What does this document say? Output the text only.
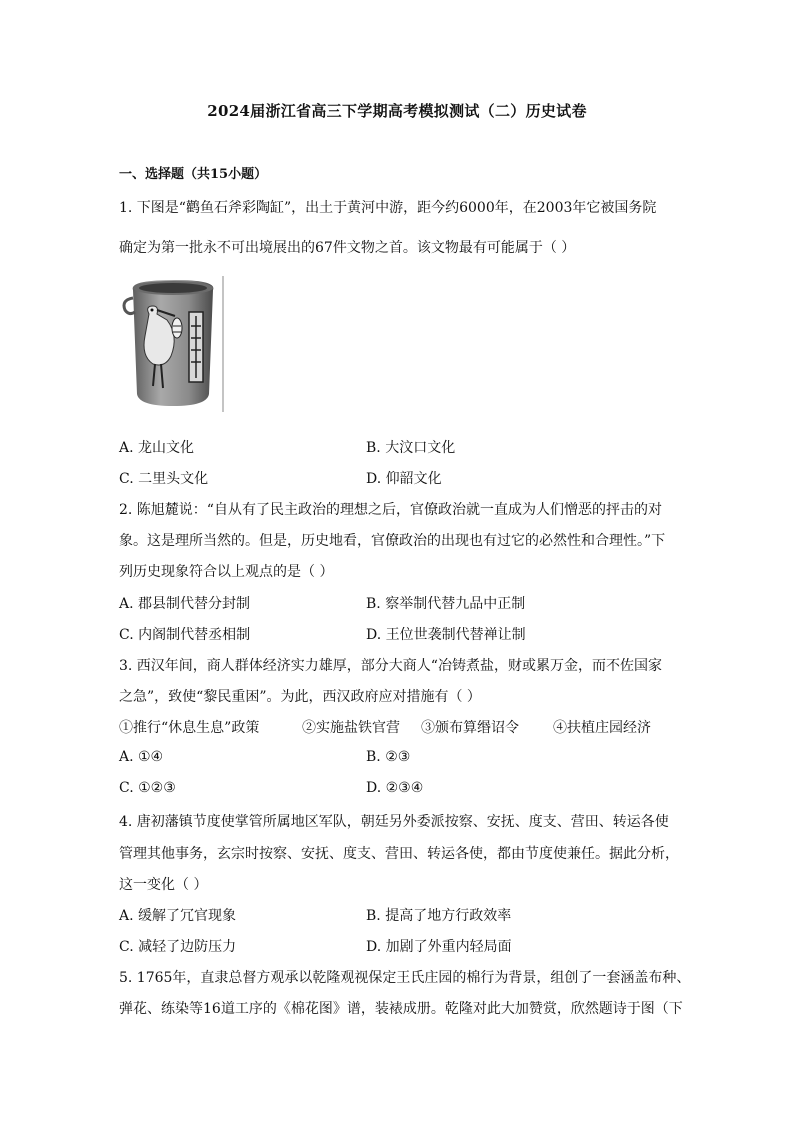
2024届浙江省高三下学期高考模拟测试（二）历史试卷
一、选择题（共15小题）
1. 下图是“鹳鱼石斧彩陶缸”，出土于黄河中游，距今约6000年，在2003年它被国务院
确定为第一批永不可出境展出的67件文物之首。该文物最有可能属于（ ）
A. 龙山文化	B. 大汶口文化
C. 二里头文化	D. 仰韶文化
2. 陈旭麓说：“自从有了民主政治的理想之后，官僚政治就一直成为人们憎恶的抨击的对
象。这是理所当然的。但是，历史地看，官僚政治的出现也有过它的必然性和合理性。”下
列历史现象符合以上观点的是（ ）
A. 郡县制代替分封制	B. 察举制代替九品中正制
C. 内阁制代替丞相制	D. 王位世袭制代替禅让制
3. 西汉年间，商人群体经济实力雄厚，部分大商人“冶铸煮盐，财或累万金，而不佐国家
之急”，致使“黎民重困”。为此，西汉政府应对措施有（ ）
①推行“休息生息”政策	②实施盐铁官营 ③颁布算缗诏令 ④扶植庄园经济
A. ①④	B. ②③
C. ①②③	D. ②③④
4. 唐初藩镇节度使掌管所属地区军队，朝廷另外委派按察、安抚、度支、营田、转运各使
管理其他事务，玄宗时按察、安抚、度支、营田、转运各使，都由节度使兼任。据此分析，
这一变化（ ）
A. 缓解了冗官现象	B. 提高了地方行政效率
C. 减轻了边防压力	D. 加剧了外重内轻局面
5. 1765年，直隶总督方观承以乾隆观视保定王氏庄园的棉行为背景，组创了一套涵盖布种、
弹花、练染等16道工序的《棉花图》谱，装裱成册。乾隆对此大加赞赏，欣然题诗于图（下
